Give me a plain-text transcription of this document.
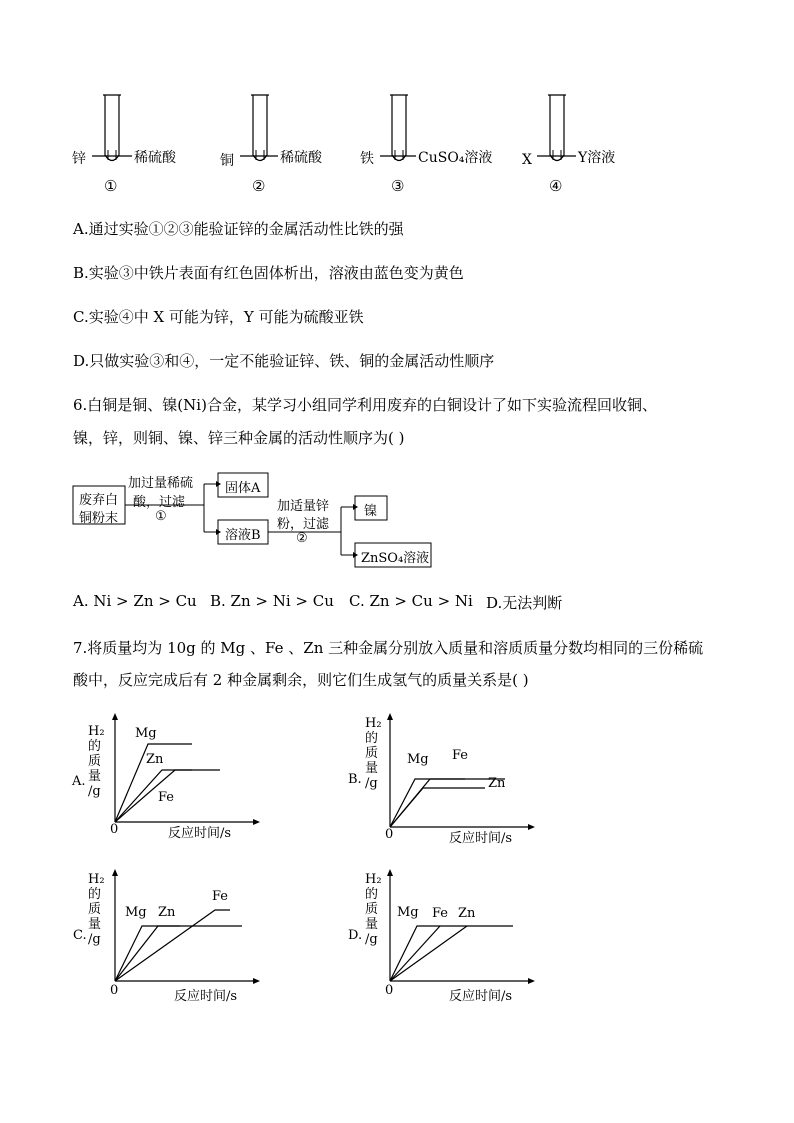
锌	稀硫酸
①
铜	稀硫酸
②
铁	CuSO₄溶液
③
X	Y溶液
④
A.通过实验①②③能验证锌的金属活动性比铁的强
B.实验③中铁片表面有红色固体析出，溶液由蓝色变为黄色
C.实验④中 X 可能为锌，Y 可能为硫酸亚铁
D.只做实验③和④，一定不能验证锌、铁、铜的金属活动性顺序
6.白铜是铜、镍(Ni)合金，某学习小组同学利用废弃的白铜设计了如下实验流程回收铜、
镍，锌，则铜、镍、锌三种金属的活动性顺序为( )
废弃白
铜粉末
加过量稀硫
酸，过滤
①
固体A
溶液B
加适量锌
粉，过滤
②
镍
ZnSO₄溶液
A. Ni > Zn > Cu B. Zn > Ni > Cu C. Zn > Cu > Ni D.无法判断
7.将质量均为 10g 的 Mg 、Fe 、Zn 三种金属分别放入质量和溶质质量分数均相同的三份稀硫
酸中，反应完成后有 2 种金属剩余，则它们生成氢气的质量关系是( )
H₂
的
质
量
/g
A.
Mg
Zn
Fe
0	反应时间/s
H₂
的
质
量
/g
B.
Mg Fe
Zn
0	反应时间/s
H₂
的
质
量
/g
C.
Mg Zn
Fe
0	反应时间/s
H₂
的
质
量
/g
D.
Mg Fe Zn
0	反应时间/s
